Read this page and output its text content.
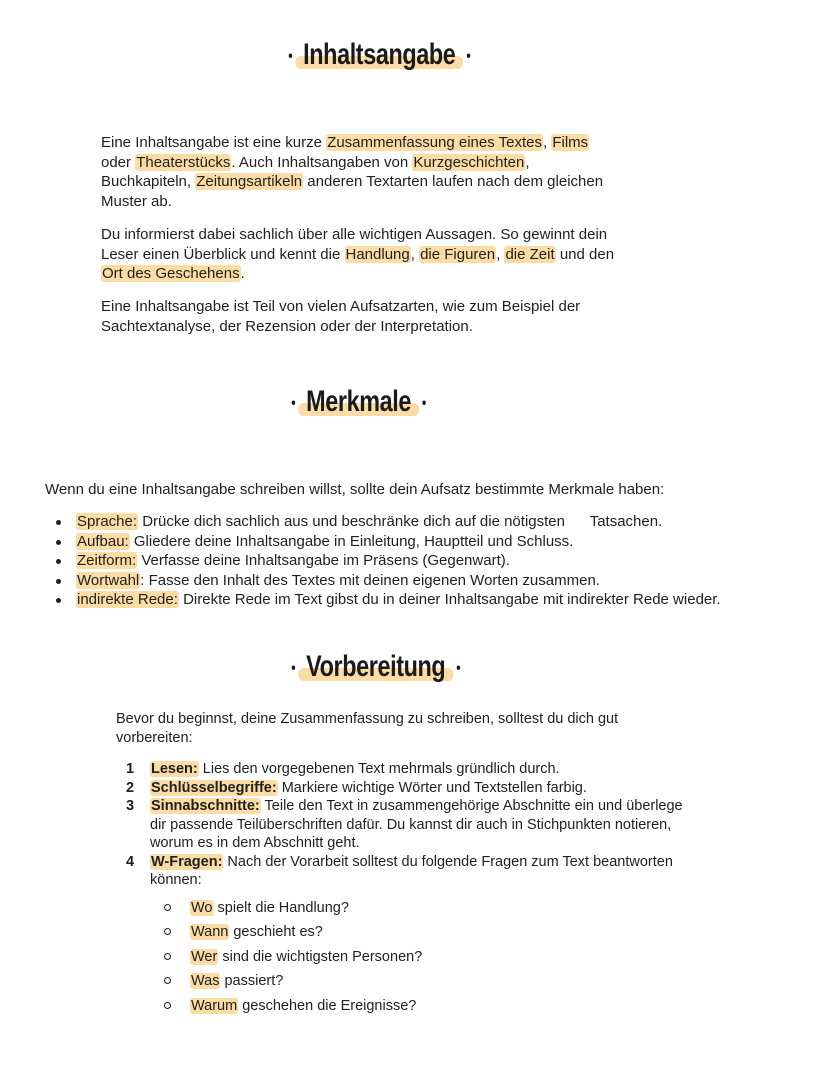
• Inhaltsangabe •

Eine Inhaltsangabe ist eine kurze Zusammenfassung eines Textes, Films
oder Theaterstücks. Auch Inhaltsangaben von Kurzgeschichten,
Buchkapiteln, Zeitungsartikeln anderen Textarten laufen nach dem gleichen
Muster ab.

Du informierst dabei sachlich über alle wichtigen Aussagen. So gewinnt dein
Leser einen Überblick und kennt die Handlung, die Figuren, die Zeit und den
Ort des Geschehens.

Eine Inhaltsangabe ist Teil von vielen Aufsatzarten, wie zum Beispiel der
Sachtextanalyse, der Rezension oder der Interpretation.

• Merkmale •

Wenn du eine Inhaltsangabe schreiben willst, sollte dein Aufsatz bestimmte Merkmale haben:

Sprache: Drücke dich sachlich aus und beschränke dich auf die nötigsten      Tatsachen.
Aufbau: Gliedere deine Inhaltsangabe in Einleitung, Hauptteil und Schluss.
Zeitform: Verfasse deine Inhaltsangabe im Präsens (Gegenwart).
Wortwahl: Fasse den Inhalt des Textes mit deinen eigenen Worten zusammen.
indirekte Rede: Direkte Rede im Text gibst du in deiner Inhaltsangabe mit indirekter Rede wieder.
• Vorbereitung •

Bevor du beginnst, deine Zusammenfassung zu schreiben, solltest du dich gut
vorbereiten:

1 Lesen: Lies den vorgegebenen Text mehrmals gründlich durch.
2 Schlüsselbegriffe: Markiere wichtige Wörter und Textstellen farbig.
3 Sinnabschnitte: Teile den Text in zusammengehörige Abschnitte ein und überlege
dir passende Teilüberschriften dafür. Du kannst dir auch in Stichpunkten notieren,
worum es in dem Abschnitt geht.
4 W-Fragen: Nach der Vorarbeit solltest du folgende Fragen zum Text beantworten
können:
Wo spielt die Handlung?
Wann geschieht es?
Wer sind die wichtigsten Personen?
Was passiert?
Warum geschehen die Ereignisse?
